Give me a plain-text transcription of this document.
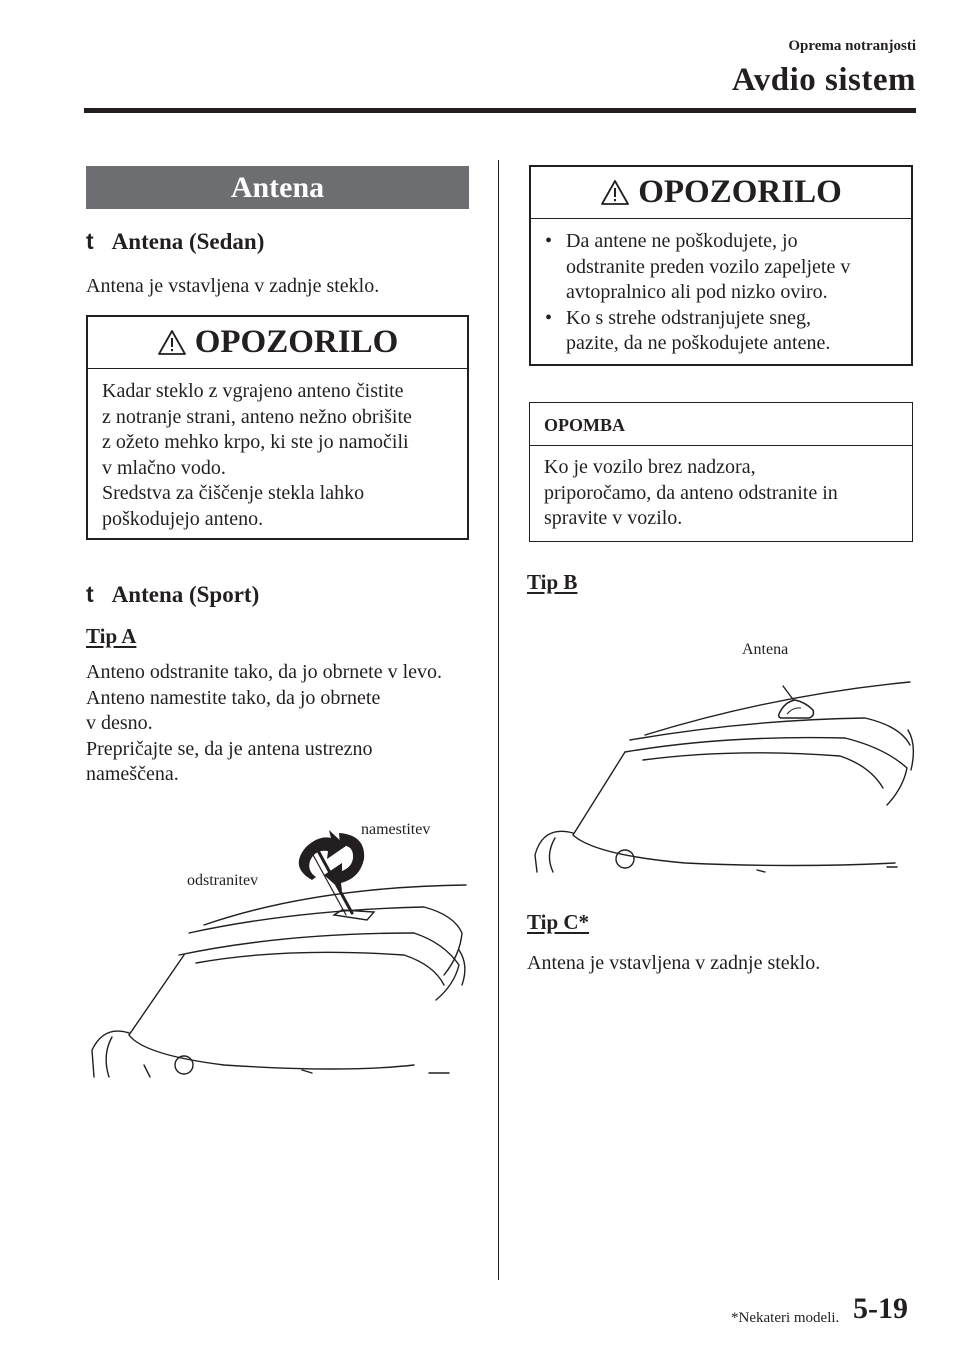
Oprema notranjosti
Avdio sistem
Antena
t Antena (Sedan)
Antena je vstavljena v zadnje steklo.
OPOZORILO
Kadar steklo z vgrajeno anteno čistite
z notranje strani, anteno nežno obrišite
z ožeto mehko krpo, ki ste jo namočili
v mlačno vodo.
Sredstva za čiščenje stekla lahko
poškodujejo anteno.
t Antena (Sport)
Tip A
Anteno odstranite tako, da jo obrnete v levo.
Anteno namestite tako, da jo obrnete
v desno.
Prepričajte se, da je antena ustrezno
nameščena.
namestitev
odstranitev
OPOZORILO
• Da antene ne poškodujete, jo
odstranite preden vozilo zapeljete v
avtopralnico ali pod nizko oviro.
• Ko s strehe odstranjujete sneg,
pazite, da ne poškodujete antene.
OPOMBA
Ko je vozilo brez nadzora,
priporočamo, da anteno odstranite in
spravite v vozilo.
Tip B
Antena
Tip C*
Antena je vstavljena v zadnje steklo.
*Nekateri modeli. 5-19
